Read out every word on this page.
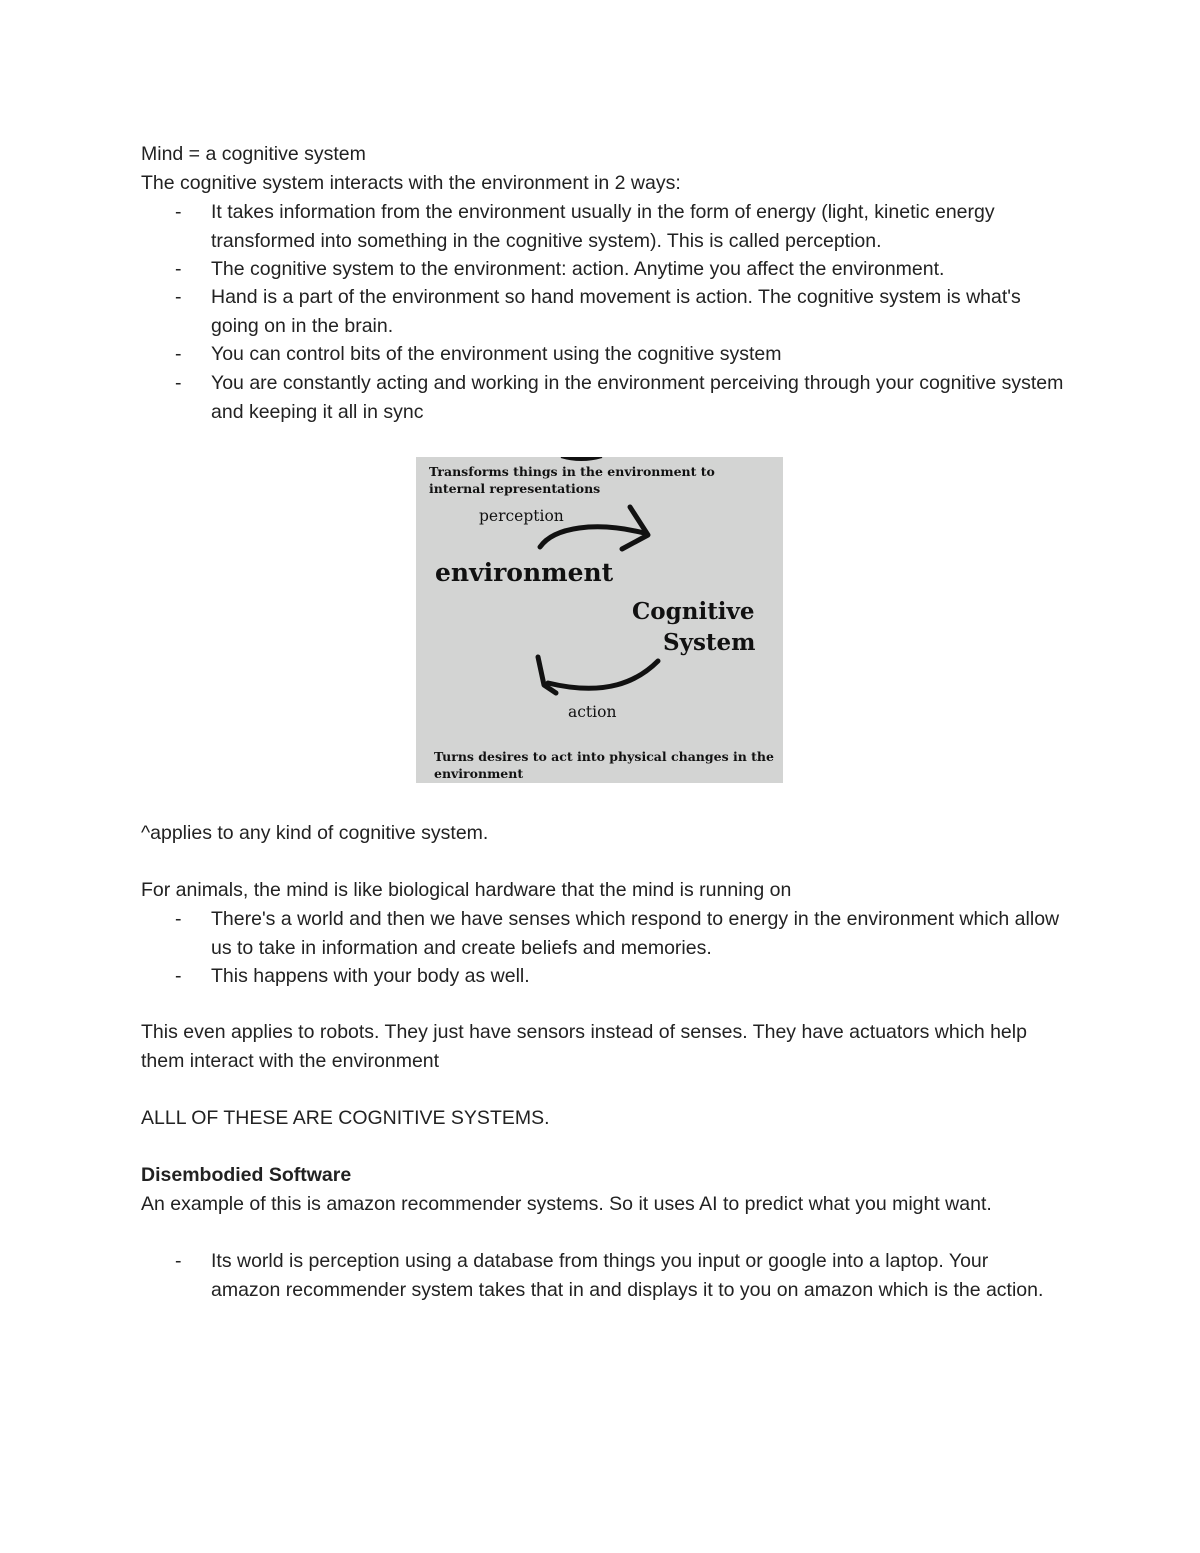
Mind = a cognitive system

The cognitive system interacts with the environment in 2 ways:

- It takes information from the environment usually in the form of energy (light, kinetic energy transformed into something in the cognitive system). This is called perception.
- The cognitive system to the environment: action. Anytime you affect the environment.
- Hand is a part of the environment so hand movement is action. The cognitive system is what's going on in the brain.
- You can control bits of the environment using the cognitive system
- You are constantly acting and working in the environment perceiving through your cognitive system and keeping it all in sync
Transforms things in the environment to internal representations
perception
environment
Cognitive
System
action
Turns desires to act into physical changes in the environment

^applies to any kind of cognitive system.

For animals, the mind is like biological hardware that the mind is running on

- There's a world and then we have senses which respond to energy in the environment which allow us to take in information and create beliefs and memories.
- This happens with your body as well.

This even applies to robots. They just have sensors instead of senses. They have actuators which help them interact with the environment

ALLL OF THESE ARE COGNITIVE SYSTEMS.

Disembodied Software

An example of this is amazon recommender systems. So it uses AI to predict what you might want.

- Its world is perception using a database from things you input or google into a laptop. Your amazon recommender system takes that in and displays it to you on amazon which is the action.
